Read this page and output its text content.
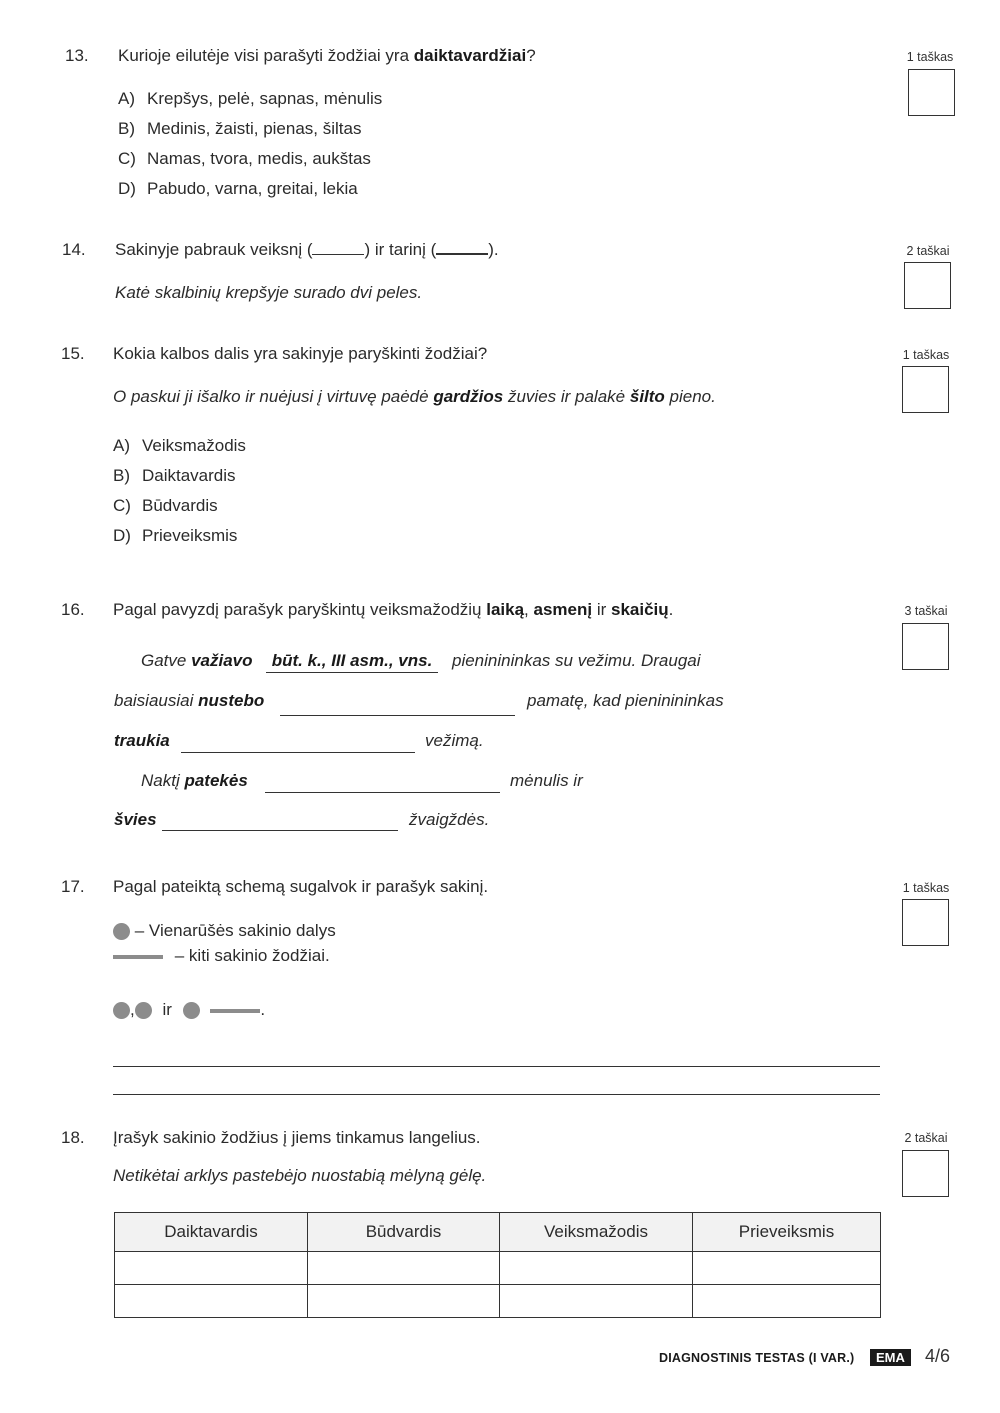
13. Kurioje eilutėje visi parašyti žodžiai yra daiktavardžiai?	1 taškas
A) Krepšys, pelė, sapnas, mėnulis
B) Medinis, žaisti, pienas, šiltas
C) Namas, tvora, medis, aukštas
D) Pabudo, varna, greitai, lekia
14. Sakinyje pabrauk veiksnį (	) ir tarinį (	).	2 taškai
Katė skalbinių krepšyje surado dvi peles.
15. Kokia kalbos dalis yra sakinyje paryškinti žodžiai?	1 taškas
O paskui ji išalko ir nuėjusi į virtuvę paėdė gardžios žuvies ir palakė šilto pieno.
A) Veiksmažodis
B) Daiktavardis
C) Būdvardis
D) Prieveiksmis
16. Pagal pavyzdį parašyk paryškintų veiksmažodžių laiką, asmenį ir skaičių.	3 taškai
Gatve važiavo	būt. k., III asm., vns.	pieninininkas su vežimu. Draugai
baisiausiai nustebo	pamatę, kad pieninininkas
traukia	vežimą.
Naktį patekės	mėnulis ir
švies	žvaigždės.
17. Pagal pateiktą schemą sugalvok ir parašyk sakinį.	1 taškas
– Vienarūšės sakinio dalys
– kiti sakinio žodžiai.
, ir	.
18. Įrašyk sakinio žodžius į jiems tinkamus langelius.	2 taškai
Netikėtai arklys pastebėjo nuostabią mėlyną gėlę.
Daiktavardis	Būdvardis	Veiksmažodis	Prieveiksmis

DIAGNOSTINIS TESTAS (I VAR.)	EMA	4/6
